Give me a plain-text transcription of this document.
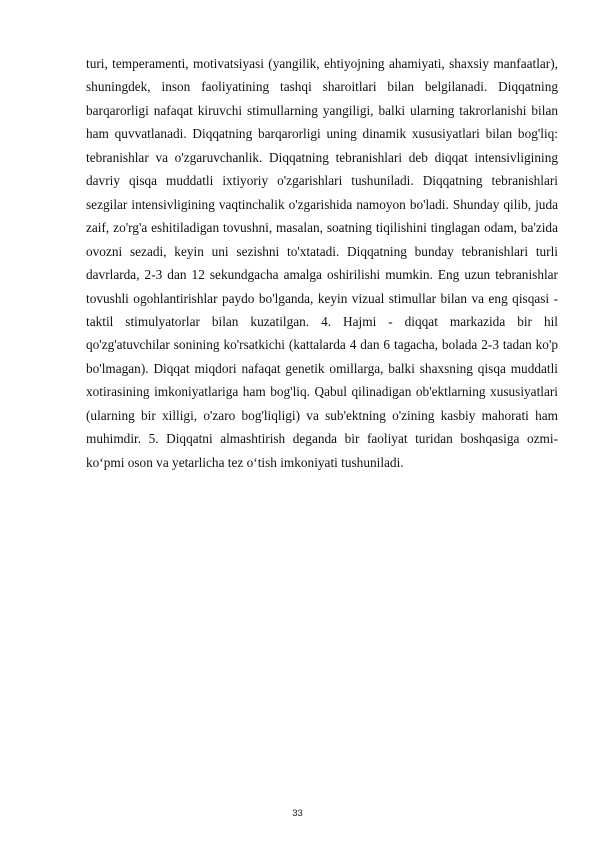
turi, temperamenti, motivatsiyasi (yangilik, ehtiyojning ahamiyati, shaxsiy manfaatlar), shuningdek, inson faoliyatining tashqi sharoitlari bilan belgilanadi. Diqqatning barqarorligi nafaqat kiruvchi stimullarning yangiligi, balki ularning takrorlanishi bilan ham quvvatlanadi. Diqqatning barqarorligi uning dinamik xususiyatlari bilan bog'liq: tebranishlar va o'zgaruvchanlik. Diqqatning tebranishlari deb diqqat intensivligining davriy qisqa muddatli ixtiyoriy o'zgarishlari tushuniladi. Diqqatning tebranishlari sezgilar intensivligining vaqtinchalik o'zgarishida namoyon bo'ladi. Shunday qilib, juda zaif, zo'rg'a eshitiladigan tovushni, masalan, soatning tiqilishini tinglagan odam, ba'zida ovozni sezadi, keyin uni sezishni to'xtatadi. Diqqatning bunday tebranishlari turli davrlarda, 2-3 dan 12 sekundgacha amalga oshirilishi mumkin. Eng uzun tebranishlar tovushli ogohlantirishlar paydo bo'lganda, keyin vizual stimullar bilan va eng qisqasi - taktil stimulyatorlar bilan kuzatilgan. 4. Hajmi - diqqat markazida bir hil qo'zg'atuvchilar sonining ko'rsatkichi (kattalarda 4 dan 6 tagacha, bolada 2-3 tadan ko'p bo'lmagan). Diqqat miqdori nafaqat genetik omillarga, balki shaxsning qisqa muddatli xotirasining imkoniyatlariga ham bog'liq. Qabul qilinadigan ob'ektlarning xususiyatlari (ularning bir xilligi, o'zaro bog'liqligi) va sub'ektning o'zining kasbiy mahorati ham muhimdir. 5. Diqqatni almashtirish deganda bir faoliyat turidan boshqasiga ozmi-ko‘pmi oson va yetarlicha tez o‘tish imkoniyati tushuniladi.

33
